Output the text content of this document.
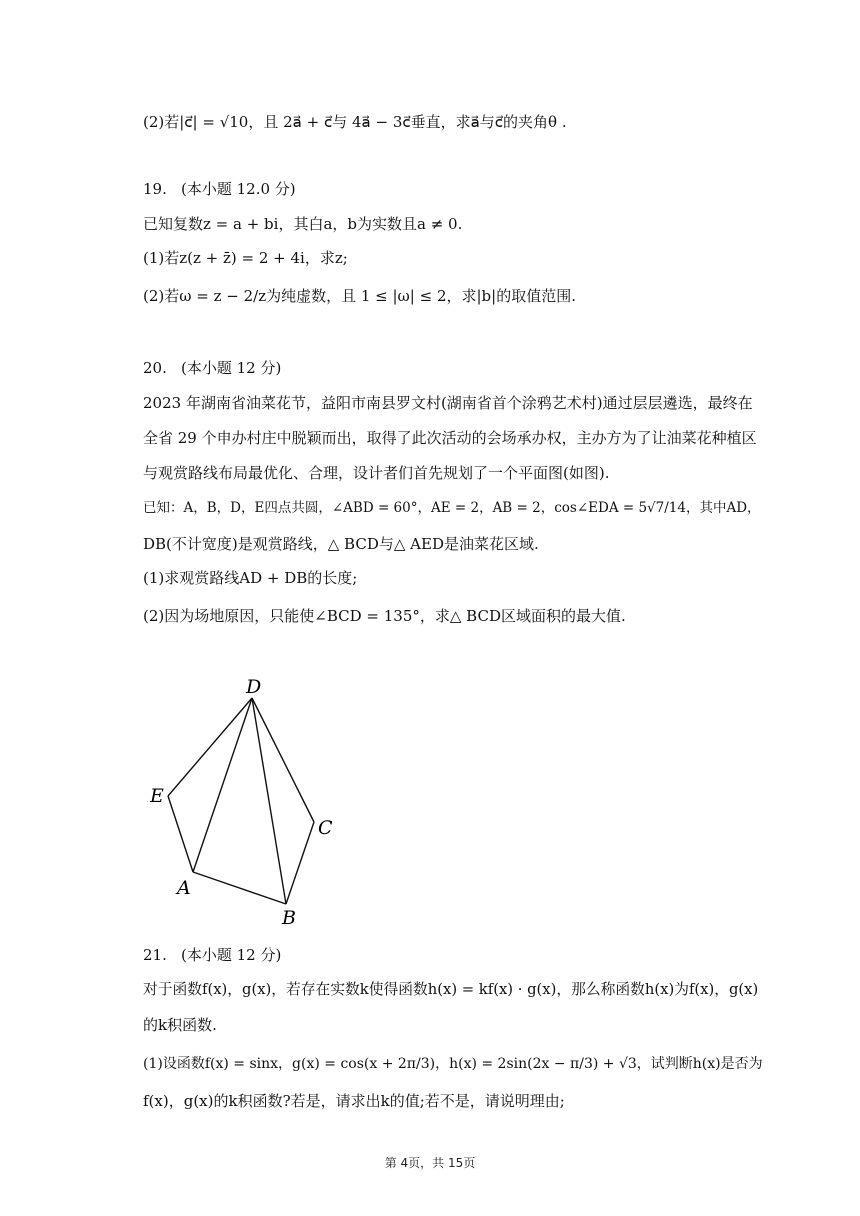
(2)若|c⃗| = √10，且 2a⃗ + c⃗与 4a⃗ − 3c⃗垂直，求a⃗与c⃗的夹角θ .
19. (本小题 12.0 分)
已知复数z = a + bi，其白a，b为实数且a ≠ 0.
(1)若z(z + z̄) = 2 + 4i，求z;
(2)若ω = z − 2/z为纯虚数，且 1 ≤ |ω| ≤ 2，求|b|的取值范围.
20. (本小题 12 分)
2023 年湖南省油菜花节，益阳市南县罗文村(湖南省首个涂鸦艺术村)通过层层遴选，最终在
全省 29 个申办村庄中脱颖而出，取得了此次活动的会场承办权，主办方为了让油菜花种植区
与观赏路线布局最优化、合理，设计者们首先规划了一个平面图(如图).
已知：A，B，D，E四点共圆，∠ABD = 60°，AE = 2，AB = 2，cos∠EDA = 5√7/14，其中AD，
DB(不计宽度)是观赏路线，△ BCD与△ AED是油菜花区域.
(1)求观赏路线AD + DB的长度;
(2)因为场地原因，只能使∠BCD = 135°，求△ BCD区域面积的最大值.
D
E
C
A
B
21. (本小题 12 分)
对于函数f(x)，g(x)，若存在实数k使得函数h(x) = kf(x) · g(x)，那么称函数h(x)为f(x)，g(x)
的k积函数.
(1)设函数f(x) = sinx，g(x) = cos(x + 2π/3)，h(x) = 2sin(2x − π/3) + √3，试判断h(x)是否为
f(x)，g(x)的k积函数?若是，请求出k的值;若不是，请说明理由;
第 4页，共 15页
